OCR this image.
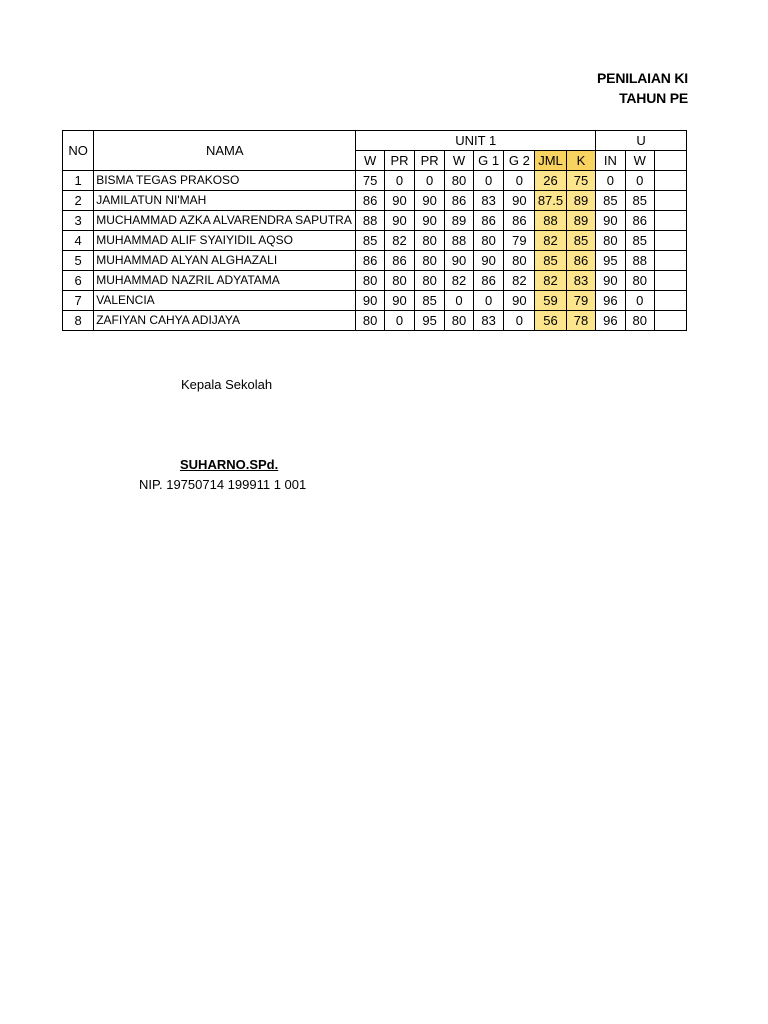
PENILAIAN KI
TAHUN PE
NO	NAMA	UNIT 1								U		
		W	PR	PR	W	G 1	G 2	JML	K	IN	W	
1	BISMA TEGAS PRAKOSO	75	0	0	80	0	0	26	75	0	0	
2	JAMILATUN NI'MAH	86	90	90	86	83	90	87.5	89	85	85	
3	MUCHAMMAD AZKA ALVARENDRA SAPUTRA	88	90	90	89	86	86	88	89	90	86	
4	MUHAMMAD ALIF SYAIYIDIL AQSO	85	82	80	88	80	79	82	85	80	85	
5	MUHAMMAD ALYAN ALGHAZALI	86	86	80	90	90	80	85	86	95	88	
6	MUHAMMAD NAZRIL ADYATAMA	80	80	80	82	86	82	82	83	90	80	
7	VALENCIA	90	90	85	0	0	90	59	79	96	0	
8	ZAFIYAN CAHYA ADIJAYA	80	0	95	80	83	0	56	78	96	80	
Kepala Sekolah
SUHARNO.SPd.
NIP. 19750714 199911 1 001
